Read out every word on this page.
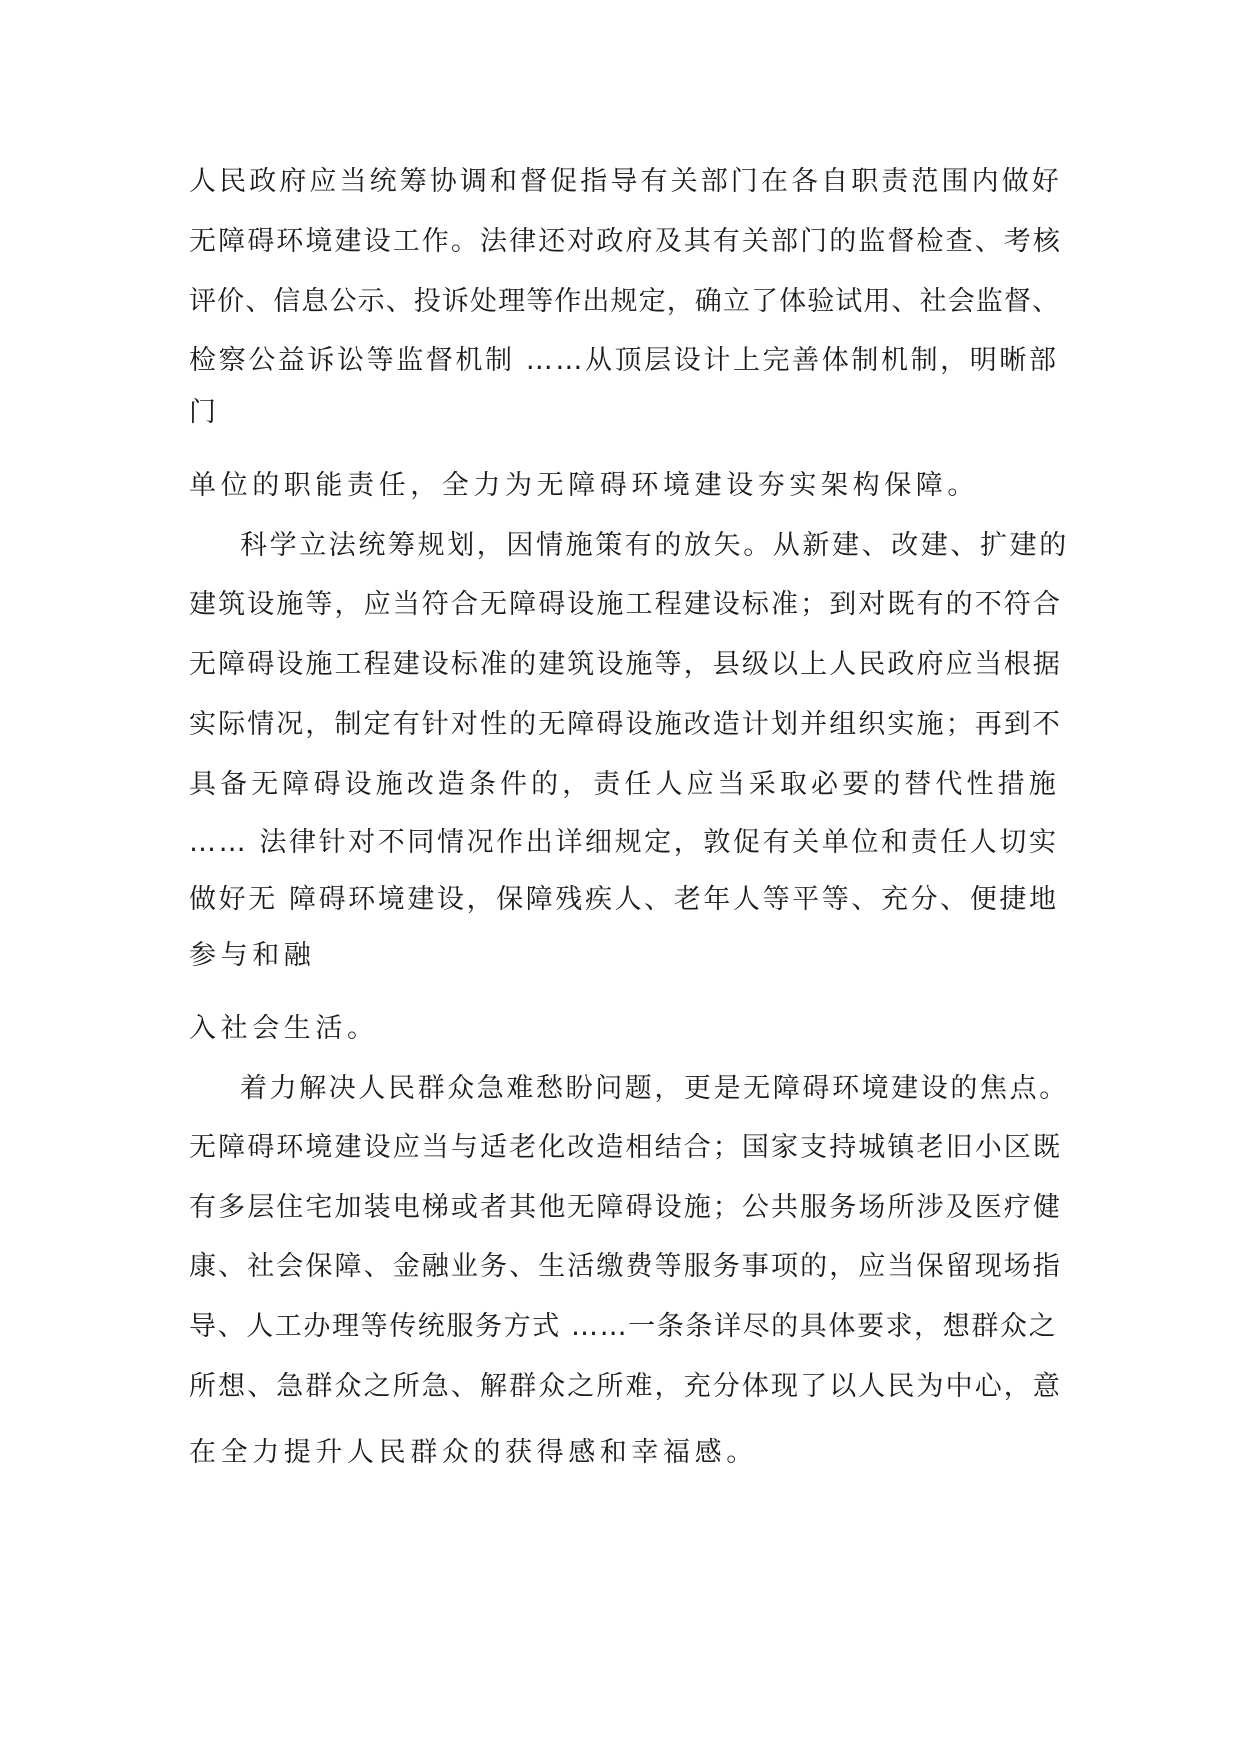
人民政府应当统筹协调和督促指导有关部门在各自职责范围内做好
无障碍环境建设工作。法律还对政府及其有关部门的监督检查、考核
评价、信息公示、投诉处理等作出规定，确立了体验试用、社会监督、
检察公益诉讼等监督机制 ……从顶层设计上完善体制机制，明晰部
门
单位的职能责任，全力为无障碍环境建设夯实架构保障。
科学立法统筹规划，因情施策有的放矢。从新建、改建、扩建的
建筑设施等，应当符合无障碍设施工程建设标准；到对既有的不符合
无障碍设施工程建设标准的建筑设施等，县级以上人民政府应当根据
实际情况，制定有针对性的无障碍设施改造计划并组织实施；再到不
具备无障碍设施改造条件的，责任人应当采取必要的替代性措施
…… 法律针对不同情况作出详细规定，敦促有关单位和责任人切实
做好无 障碍环境建设，保障残疾人、老年人等平等、充分、便捷地
参与和融
入社会生活。
着力解决人民群众急难愁盼问题，更是无障碍环境建设的焦点。
无障碍环境建设应当与适老化改造相结合；国家支持城镇老旧小区既
有多层住宅加装电梯或者其他无障碍设施；公共服务场所涉及医疗健
康、社会保障、金融业务、生活缴费等服务事项的，应当保留现场指
导、人工办理等传统服务方式 ……一条条详尽的具体要求，想群众之
所想、急群众之所急、解群众之所难，充分体现了以人民为中心，意
在全力提升人民群众的获得感和幸福感。
